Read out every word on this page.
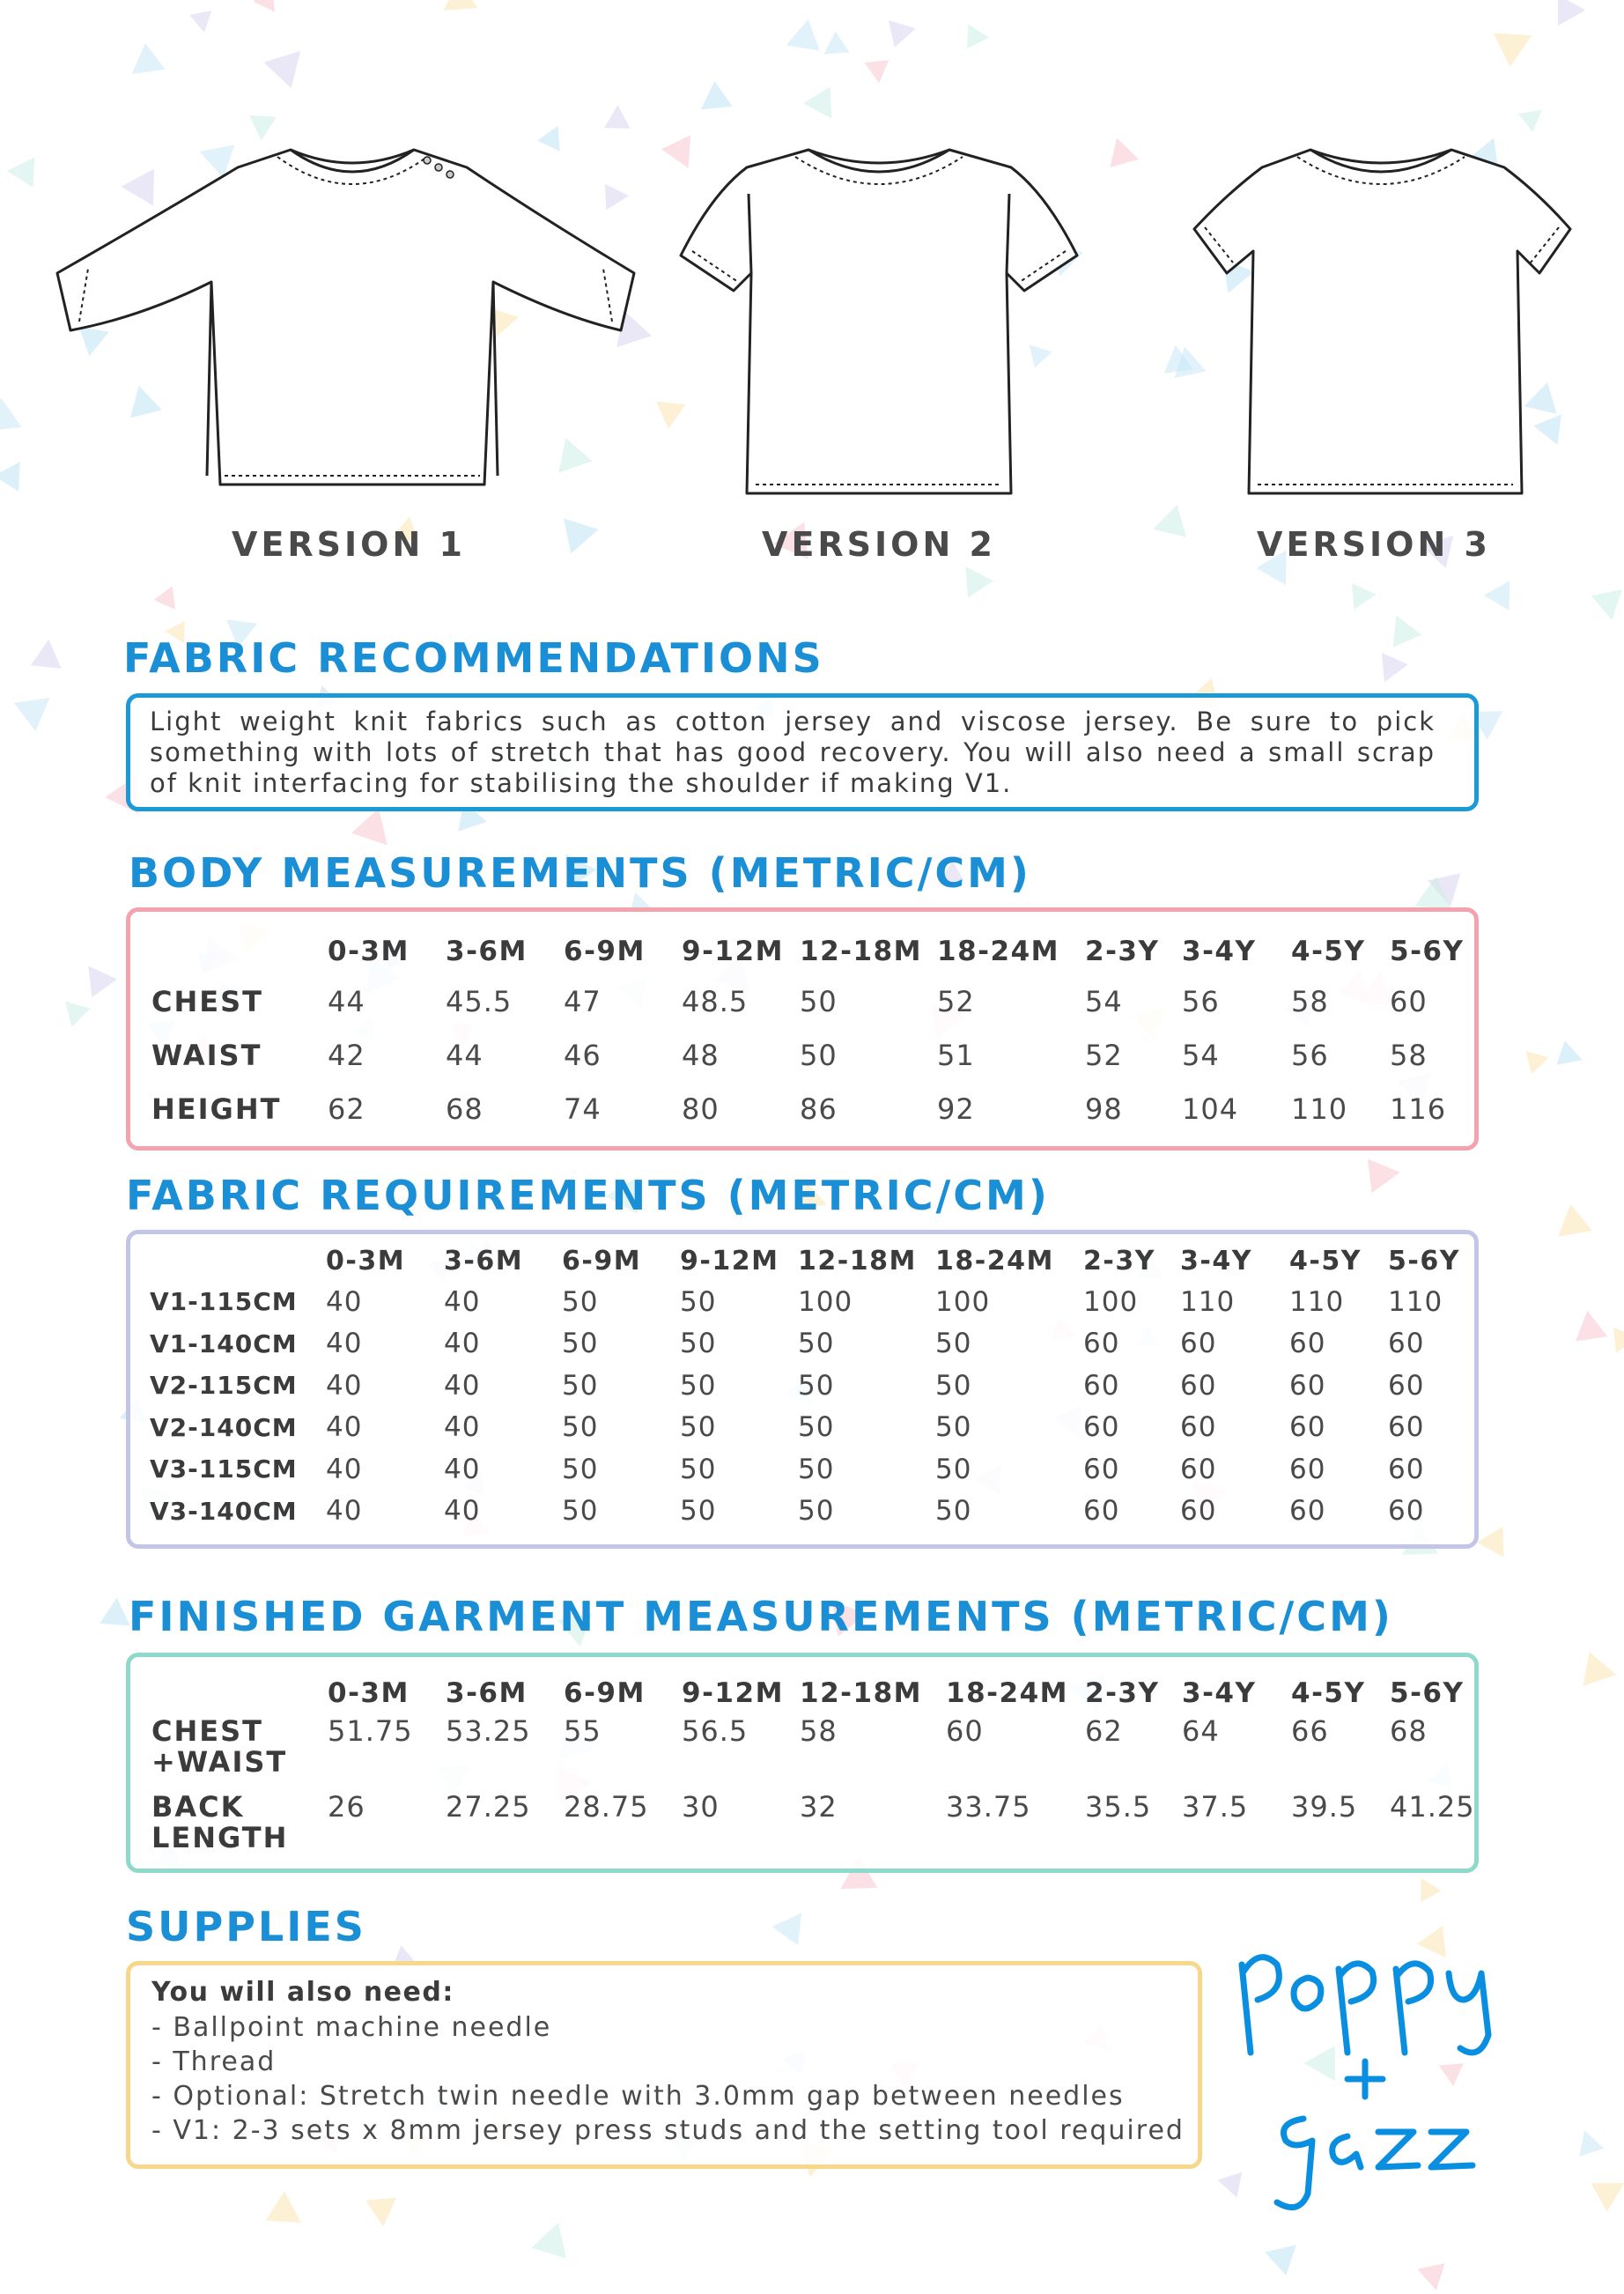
VERSION 1	VERSION 2	VERSION 3
FABRIC RECOMMENDATIONS
Light weight knit fabrics such as cotton jersey and viscose jersey. Be sure to pick something with lots of stretch that has good recovery. You will also need a small scrap of knit interfacing for stabilising the shoulder if making V1.
BODY MEASUREMENTS (METRIC/CM)
	0-3M	3-6M	6-9M	9-12M	12-18M	18-24M	2-3Y	3-4Y	4-5Y	5-6Y
CHEST	44	45.5	47	48.5	50	52	54	56	58	60
WAIST	42	44	46	48	50	51	52	54	56	58
HEIGHT	62	68	74	80	86	92	98	104	110	116
FABRIC REQUIREMENTS (METRIC/CM)
	0-3M	3-6M	6-9M	9-12M	12-18M	18-24M	2-3Y	3-4Y	4-5Y	5-6Y
V1-115CM	40	40	50	50	100	100	100	110	110	110
V1-140CM	40	40	50	50	50	50	60	60	60	60
V2-115CM	40	40	50	50	50	50	60	60	60	60
V2-140CM	40	40	50	50	50	50	60	60	60	60
V3-115CM	40	40	50	50	50	50	60	60	60	60
V3-140CM	40	40	50	50	50	50	60	60	60	60
FINISHED GARMENT MEASUREMENTS (METRIC/CM)
	0-3M	3-6M	6-9M	9-12M	12-18M	18-24M	2-3Y	3-4Y	4-5Y	5-6Y
CHEST
+WAIST	51.75	53.25	55	56.5	58	60	62	64	66	68
BACK
LENGTH	26	27.25	28.75	30	32	33.75	35.5	37.5	39.5	41.25
SUPPLIES
You will also need:
- Ballpoint machine needle
- Thread
- Optional: Stretch twin needle with 3.0mm gap between needles
- V1: 2-3 sets x 8mm jersey press studs and the setting tool required
